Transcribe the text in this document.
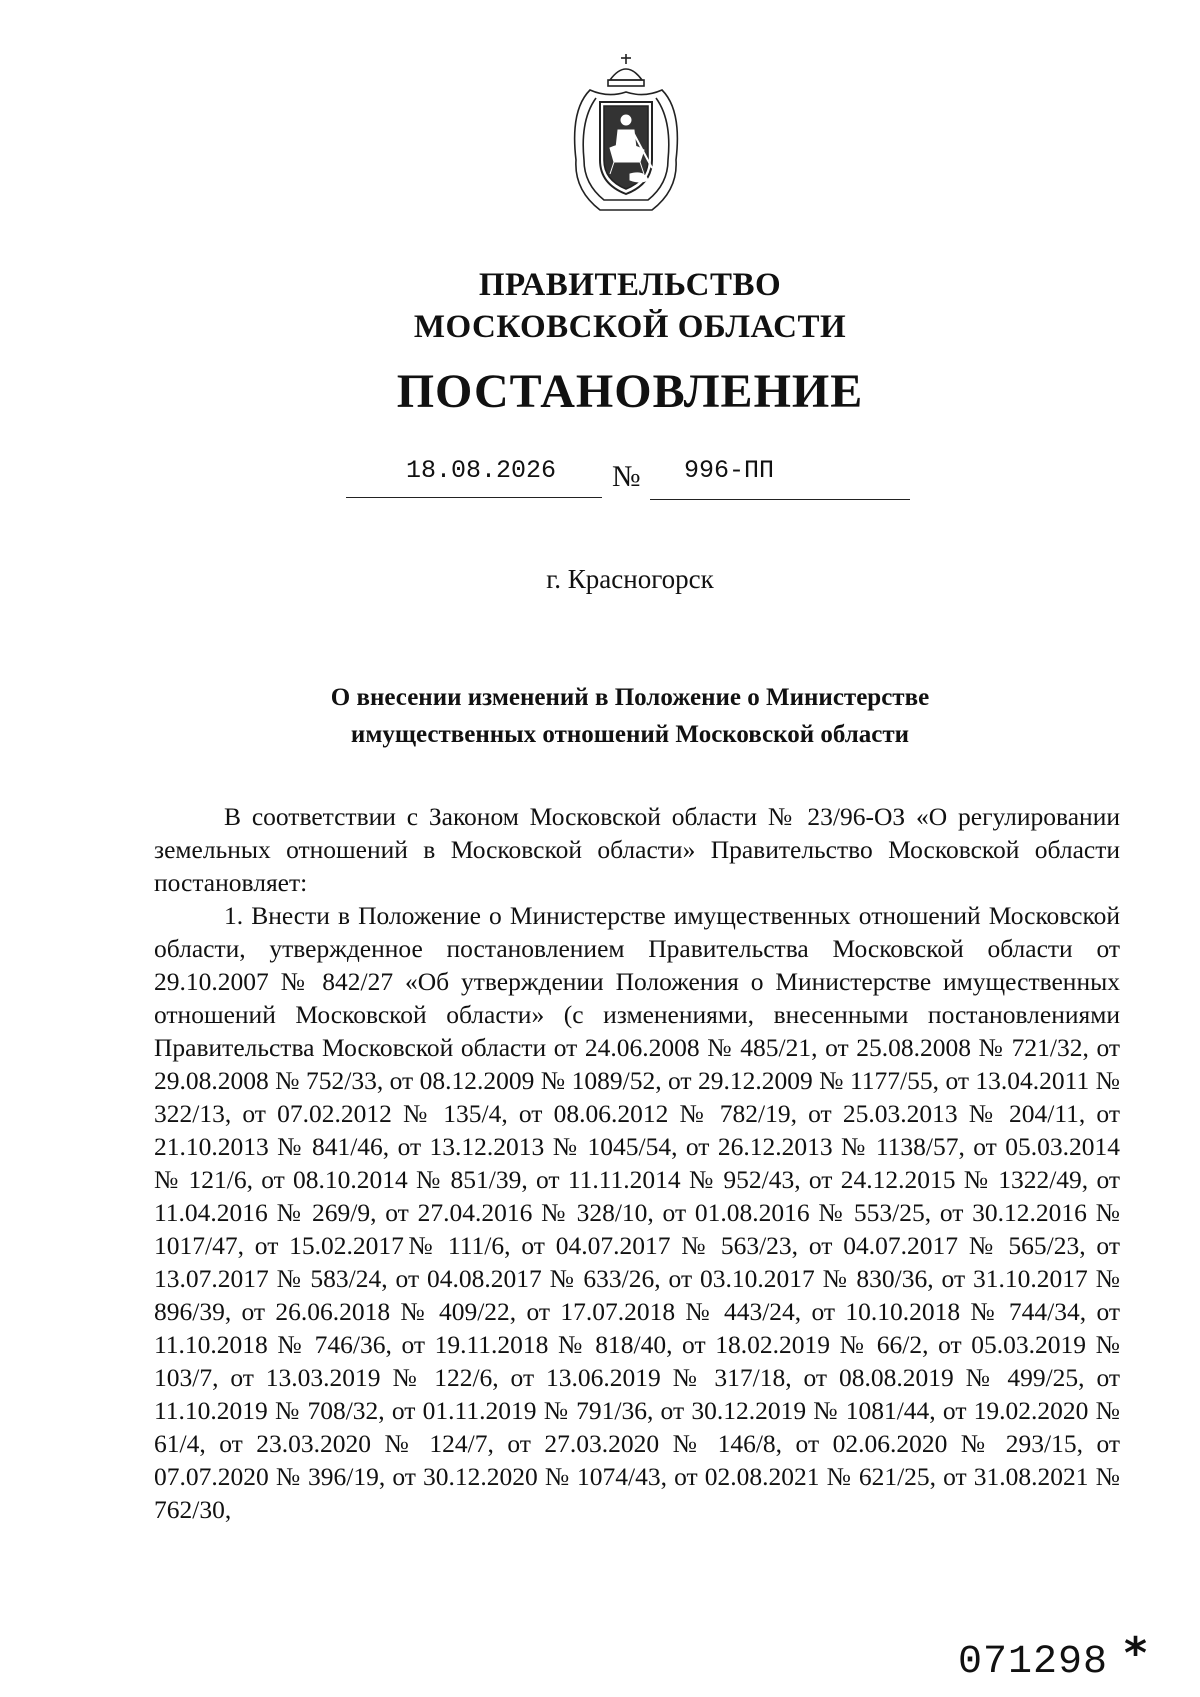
ПРАВИТЕЛЬСТВО
МОСКОВСКОЙ ОБЛАСТИ
ПОСТАНОВЛЕНИЕ
18.08.2026 № 996-ПП
г. Красногорск
О внесении изменений в Положение о Министерстве
имущественных отношений Московской области

В соответствии с Законом Московской области № 23/96-ОЗ «О регулировании земельных отношений в Московской области» Правительство Московской области постановляет:

1. Внести в Положение о Министерстве имущественных отношений Московской области, утвержденное постановлением Правительства Московской области от 29.10.2007 № 842/27 «Об утверждении Положения о Министерстве имущественных отношений Московской области» (с изменениями, внесенными постановлениями Правительства Московской области от 24.06.2008 № 485/21, от 25.08.2008 № 721/32, от 29.08.2008 № 752/33, от 08.12.2009 № 1089/52, от 29.12.2009 № 1177/55, от 13.04.2011 № 322/13, от 07.02.2012 № 135/4, от 08.06.2012 № 782/19, от 25.03.2013 № 204/11, от 21.10.2013 № 841/46, от 13.12.2013 № 1045/54, от 26.12.2013 № 1138/57, от 05.03.2014 № 121/6, от 08.10.2014 № 851/39, от 11.11.2014 № 952/43, от 24.12.2015 № 1322/49, от 11.04.2016 № 269/9, от 27.04.2016 № 328/10, от 01.08.2016 № 553/25, от 30.12.2016 № 1017/47, от 15.02.2017№ 111/6, от 04.07.2017 № 563/23, от 04.07.2017 № 565/23, от 13.07.2017 № 583/24, от 04.08.2017 № 633/26, от 03.10.2017 № 830/36, от 31.10.2017 № 896/39, от 26.06.2018 № 409/22, от 17.07.2018 № 443/24, от 10.10.2018 № 744/34, от 11.10.2018 № 746/36, от 19.11.2018 № 818/40, от 18.02.2019 № 66/2, от 05.03.2019 № 103/7, от 13.03.2019 № 122/6, от 13.06.2019 № 317/18, от 08.08.2019 № 499/25, от 11.10.2019 № 708/32, от 01.11.2019 № 791/36, от 30.12.2019 № 1081/44, от 19.02.2020 № 61/4, от 23.03.2020 № 124/7, от 27.03.2020 № 146/8, от 02.06.2020 № 293/15, от 07.07.2020 № 396/19, от 30.12.2020 № 1074/43, от 02.08.2021 № 621/25, от 31.08.2021 № 762/30,

071298 *
